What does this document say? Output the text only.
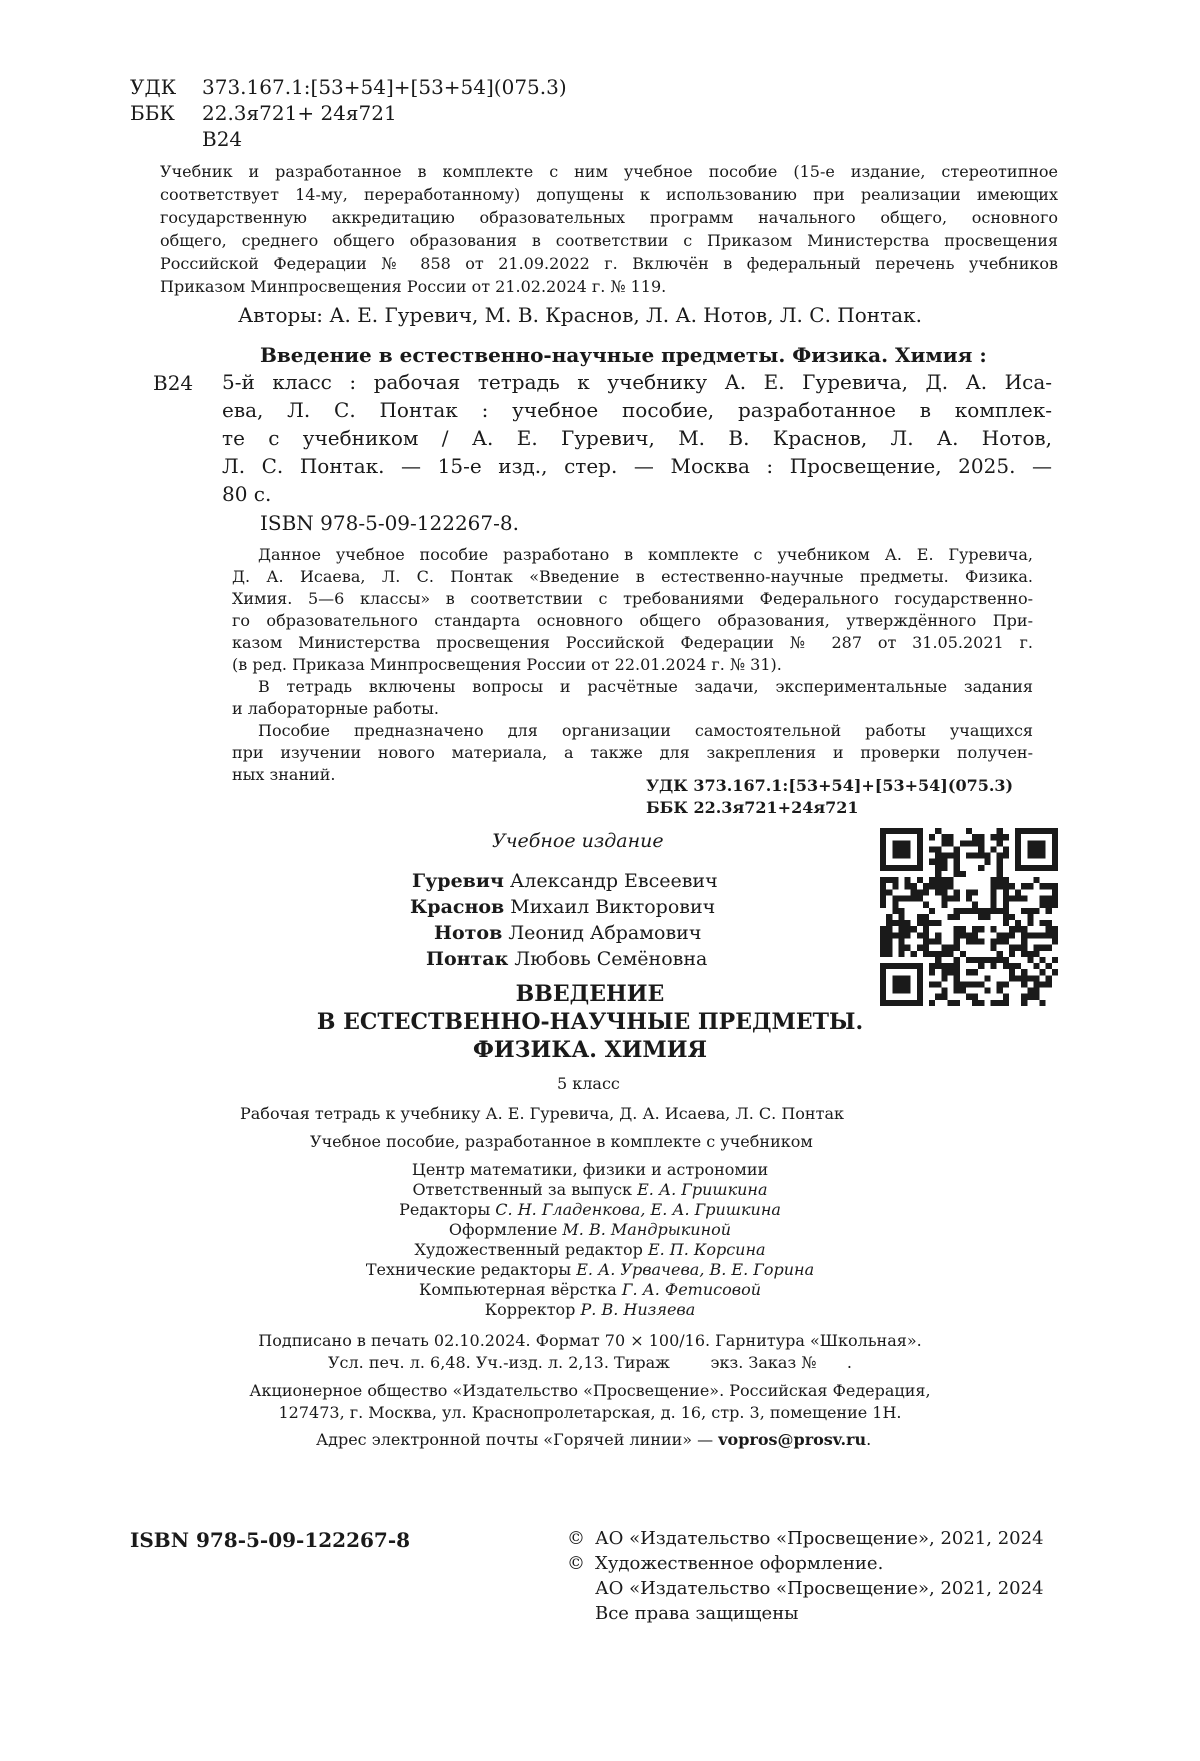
УДК 373.167.1:[53+54]+[53+54](075.3)
ББК 22.3я721+ 24я721
В24
Учебник и разработанное в комплекте с ним учебное пособие (15-е издание, стереотипное
соответствует 14-му, переработанному) допущены к использованию при реализации имеющих
государственную аккредитацию образовательных программ начального общего, основного
общего, среднего общего образования в соответствии с Приказом Министерства просвещения
Российской Федерации № 858 от 21.09.2022 г. Включён в федеральный перечень учебников
Приказом Минпросвещения России от 21.02.2024 г. № 119.
Авторы: А. Е. Гуревич, М. В. Краснов, Л. А. Нотов, Л. С. Понтак.
Введение в естественно-научные предметы. Физика. Химия :
В24 5-й класс : рабочая тетрадь к учебнику А. Е. Гуревича, Д. А. Иса-
ева, Л. С. Понтак : учебное пособие, разработанное в комплек-
те с учебником / А. Е. Гуревич, М. В. Краснов, Л. А. Нотов,
Л. С. Понтак. — 15-е изд., стер. — Москва : Просвещение, 2025. —
80 с.
ISBN 978-5-09-122267-8.
Данное учебное пособие разработано в комплекте с учебником А. Е. Гуревича,
Д. А. Исаева, Л. С. Понтак «Введение в естественно-научные предметы. Физика.
Химия. 5—6 классы» в соответствии с требованиями Федерального государственно-
го образовательного стандарта основного общего образования, утверждённого При-
казом Министерства просвещения Российской Федерации № 287 от 31.05.2021 г.
(в ред. Приказа Минпросвещения России от 22.01.2024 г. № 31).
В тетрадь включены вопросы и расчётные задачи, экспериментальные задания
и лабораторные работы.
Пособие предназначено для организации самостоятельной работы учащихся
при изучении нового материала, а также для закрепления и проверки получен-
ных знаний.
УДК 373.167.1:[53+54]+[53+54](075.3)
ББК 22.3я721+24я721
Учебное издание
Гуревич Александр Евсеевич
Краснов Михаил Викторович
Нотов Леонид Абрамович
Понтак Любовь Семёновна
ВВЕДЕНИЕ
В ЕСТЕСТВЕННО-НАУЧНЫЕ ПРЕДМЕТЫ.
ФИЗИКА. ХИМИЯ
5 класс
Рабочая тетрадь к учебнику А. Е. Гуревича, Д. А. Исаева, Л. С. Понтак
Учебное пособие, разработанное в комплекте с учебником
Центр математики, физики и астрономии
Ответственный за выпуск Е. А. Гришкина
Редакторы С. Н. Гладенкова, Е. А. Гришкина
Оформление М. В. Мандрыкиной
Художественный редактор Е. П. Корсина
Технические редакторы Е. А. Урвачева, В. Е. Горина
Компьютерная вёрстка Г. А. Фетисовой
Корректор Р. В. Низяева
Подписано в печать 02.10.2024. Формат 70 × 100/16. Гарнитура «Школьная».
Усл. печ. л. 6,48. Уч.-изд. л. 2,13. Тираж        экз. Заказ №      .
Акционерное общество «Издательство «Просвещение». Российская Федерация,
127473, г. Москва, ул. Краснопролетарская, д. 16, стр. 3, помещение 1Н.
Адрес электронной почты «Горячей линии» — vopros@prosv.ru.
ISBN 978-5-09-122267-8	© АО «Издательство «Просвещение», 2021, 2024
© Художественное оформление.
АО «Издательство «Просвещение», 2021, 2024
Все права защищены
